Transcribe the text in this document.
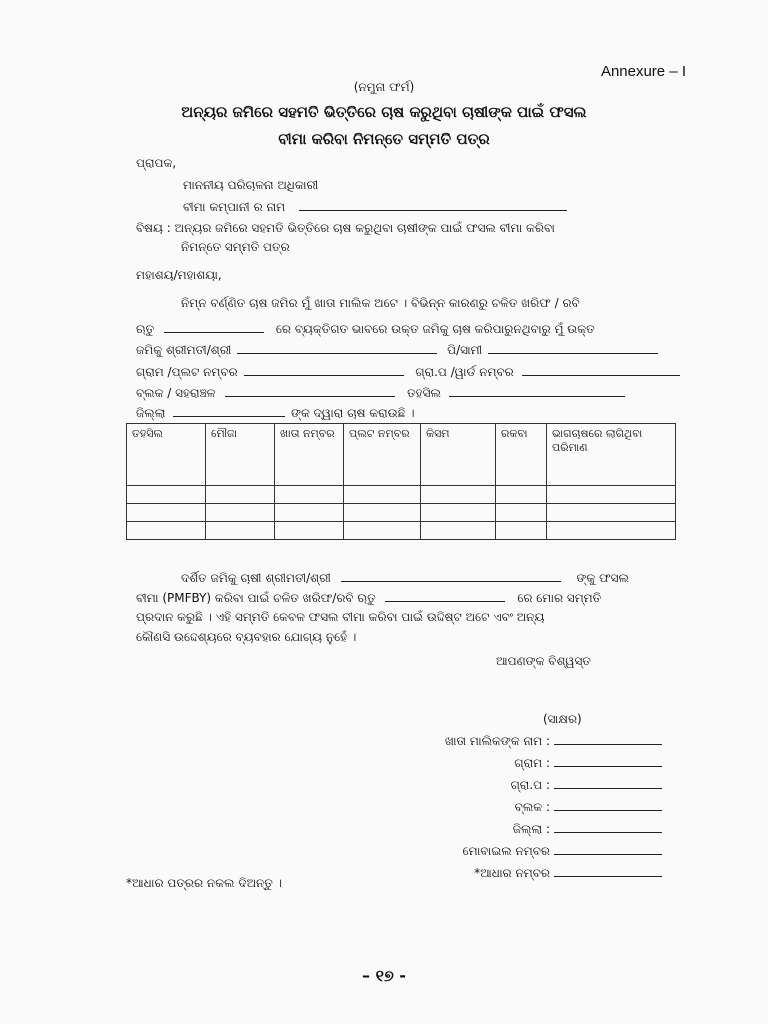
Annexure – I
(ନମୁନା ଫର୍ମ)
ଅନ୍ୟର ଜମିରେ ସହମତି ଭିତ୍ତିରେ ଚାଷ କରୁଥିବା ଚାଷୀଙ୍କ ପାଇଁ ଫସଲ
ବୀମା କରିବା ନିମନ୍ତେ ସମ୍ମତି ପତ୍ର
ପ୍ରାପକ,
ମାନନୀୟ ପରିଚାଳନା ଅଧିକାରୀ
ବୀମା କମ୍ପାନୀ ର ନାମ
ବିଷୟ : ଅନ୍ୟର ଜମିରେ ସହମତି ଭିତ୍ତିରେ ଚାଷ କରୁଥିବା ଚାଷୀଙ୍କ ପାଇଁ ଫସଲ ବୀମା କରିବା
ନିମନ୍ତେ ସମ୍ମତି ପତ୍ର
ମହାଶୟ/ମହାଶୟା,
ନିମ୍ନ ବର୍ଣ୍ଣିତ ଚାଷ ଜମିର ମୁଁ ଖାତା ମାଲିକ ଅଟେ । ବିଭିନ୍ନ କାରଣରୁ ଚଳିତ ଖରିଫ / ରବି
ଋତୁ	ରେ ବ୍ୟକ୍ତିଗତ ଭାବରେ ଉକ୍ତ ଜମିକୁ ଚାଷ କରିପାରୁନଥିବାରୁ ମୁଁ ଉକ୍ତ
ଜମିକୁ ଶ୍ରୀମତୀ/ଶ୍ରୀ	ପି/ସାମୀ
ଗ୍ରାମ /ପ୍ଲଟ ନମ୍ବର	ଗ୍ରା.ପ /ୱାର୍ଡ ନମ୍ବର
ବ୍ଲକ / ସହରାଞ୍ଚଳ	ତହସିଲ
ଜିଲ୍ଲା	ଙ୍କ ଦ୍ୱାରା ଚାଷ କରାଉଛି ।
ତହସିଲ	ମୌଜା	ଖାତା ନମ୍ବର	ପ୍ଲଟ ନମ୍ବର	କିସମ	ରକବା	ଭାଗଚାଷରେ ଲାଗିଥିବା ପରିମାଣ

ଦର୍ଶିତ ଜମିକୁ ଚାଷୀ ଶ୍ରୀମତୀ/ଶ୍ରୀ	ଙ୍କୁ ଫସଲ
ବୀମା (PMFBY) କରିବା ପାଇଁ ଚଳିତ ଖରିଫ/ରବି ଋତୁ	ରେ ମୋର ସମ୍ମତି
ପ୍ରଦାନ କରୁଛି । ଏହି ସମ୍ମତି କେବଳ ଫସଲ ବୀମା କରିବା ପାଇଁ ଉଦ୍ଦିଷ୍ଟ ଅଟେ ଏବଂ ଅନ୍ୟ
କୌଣସି ଉଦ୍ଦେଶ୍ୟରେ ବ୍ୟବହାର ଯୋଗ୍ୟ ନୁହେଁ ।
ଆପଣଙ୍କ ବିଶ୍ୱସ୍ତ
(ସାକ୍ଷର)
ଖାତା ମାଲିକଙ୍କ ନାମ :
ଗ୍ରାମ :
ଗ୍ରା.ପ :
ବ୍ଲକ :
ଜିଲ୍ଲା :
ମୋବାଇଲ ନମ୍ବର
*ଆଧାର ନମ୍ବର
*ଆଧାର ପତ୍ରର ନକଲ ଦିଅନ୍ତୁ ।
– ୧୭ -
